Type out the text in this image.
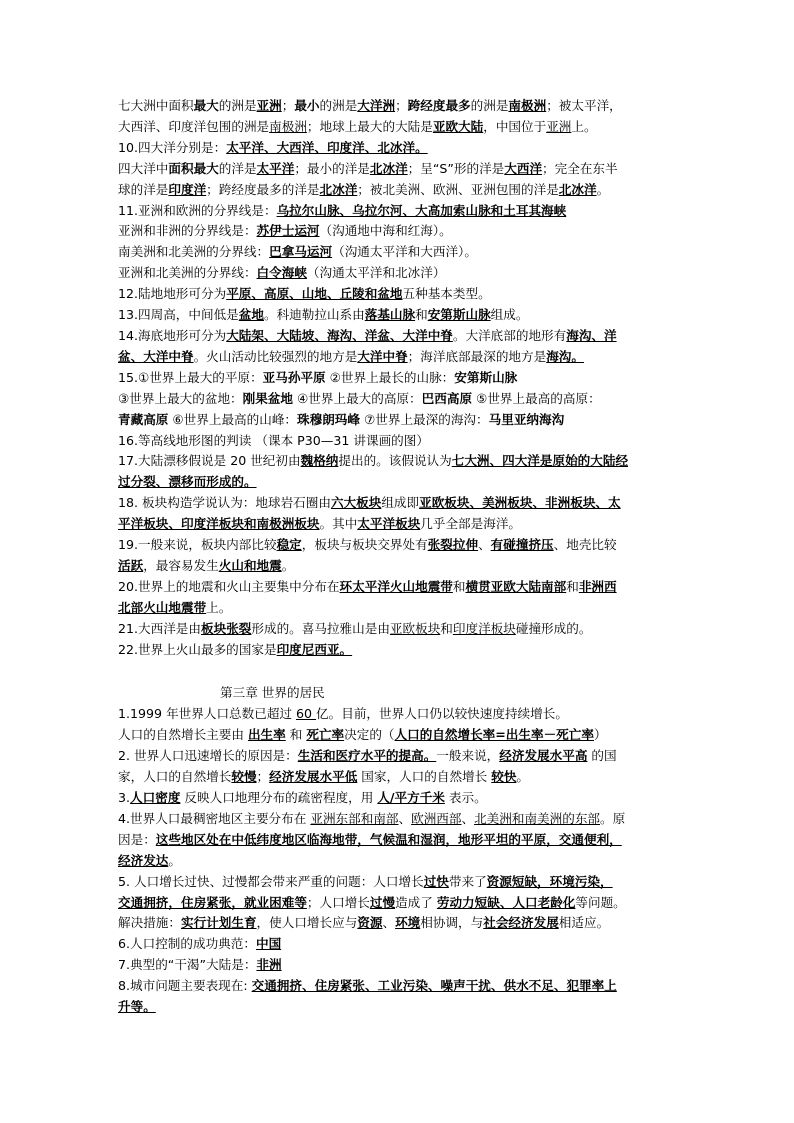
七大洲中面积最大的洲是亚洲；最小的洲是大洋洲；跨经度最多的洲是南极洲；被太平洋，
大西洋、印度洋包围的洲是南极洲；地球上最大的大陆是亚欧大陆，中国位于亚洲上。
10.四大洋分别是：太平洋、大西洋、印度洋、北冰洋。
四大洋中面积最大的洋是太平洋；最小的洋是北冰洋；呈“S”形的洋是大西洋；完全在东半
球的洋是印度洋；跨经度最多的洋是北冰洋；被北美洲、欧洲、亚洲包围的洋是北冰洋。
11.亚洲和欧洲的分界线是：乌拉尔山脉、乌拉尔河、大高加索山脉和土耳其海峡
亚洲和非洲的分界线是：苏伊士运河（沟通地中海和红海）。
南美洲和北美洲的分界线：巴拿马运河（沟通太平洋和大西洋）。
亚洲和北美洲的分界线：白令海峡（沟通太平洋和北冰洋）
12.陆地地形可分为平原、高原、山地、丘陵和盆地五种基本类型。
13.四周高，中间低是盆地。科迪勒拉山系由落基山脉和安第斯山脉组成。
14.海底地形可分为大陆架、大陆坡、海沟、洋盆、大洋中脊。大洋底部的地形有海沟、洋
盆、大洋中脊。火山活动比较强烈的地方是大洋中脊；海洋底部最深的地方是海沟。
15.①世界上最大的平原：亚马孙平原 ②世界上最长的山脉：安第斯山脉
③世界上最大的盆地：刚果盆地 ④世界上最大的高原：巴西高原 ⑤世界上最高的高原：
青藏高原 ⑥世界上最高的山峰：珠穆朗玛峰 ⑦世界上最深的海沟：马里亚纳海沟
16.等高线地形图的判读 （课本 P30—31 讲课画的图）
17.大陆漂移假说是 20 世纪初由魏格纳提出的。该假说认为七大洲、四大洋是原始的大陆经
过分裂、漂移而形成的。
18. 板块构造学说认为：地球岩石圈由六大板块组成即亚欧板块、美洲板块、非洲板块、太
平洋板块、印度洋板块和南极洲板块。其中太平洋板块几乎全部是海洋。
19.一般来说，板块内部比较稳定，板块与板块交界处有张裂拉伸、有碰撞挤压、地壳比较
活跃，最容易发生火山和地震。
20.世界上的地震和火山主要集中分布在环太平洋火山地震带和横贯亚欧大陆南部和非洲西
北部火山地震带上。
21.大西洋是由板块张裂形成的。喜马拉雅山是由亚欧板块和印度洋板块碰撞形成的。
22.世界上火山最多的国家是印度尼西亚。
第三章 世界的居民
1.1999 年世界人口总数已超过 60 亿。目前，世界人口仍以较快速度持续增长。
人口的自然增长主要由 出生率 和 死亡率决定的（人口的自然增长率=出生率－死亡率）
2. 世界人口迅速增长的原因是：生活和医疗水平的提高。一般来说，经济发展水平高 的国
家，人口的自然增长较慢；经济发展水平低 国家，人口的自然增长 较快。
3.人口密度 反映人口地理分布的疏密程度，用 人/平方千米 表示。
4.世界人口最稠密地区主要分布在 亚洲东部和南部、欧洲西部、北美洲和南美洲的东部。原
因是：这些地区处在中低纬度地区临海地带，气候温和湿润，地形平坦的平原，交通便利，
经济发达。
5. 人口增长过快、过慢都会带来严重的问题：人口增长过快带来了资源短缺，环境污染，
交通拥挤，住房紧张，就业困难等；人口增长过慢造成了 劳动力短缺、人口老龄化等问题。
解决措施：实行计划生育，使人口增长应与资源、环境相协调，与社会经济发展相适应。
6.人口控制的成功典范：中国
7.典型的“干渴”大陆是：非洲
8.城市问题主要表现在: 交通拥挤、住房紧张、工业污染、噪声干扰、供水不足、犯罪率上
升等。
